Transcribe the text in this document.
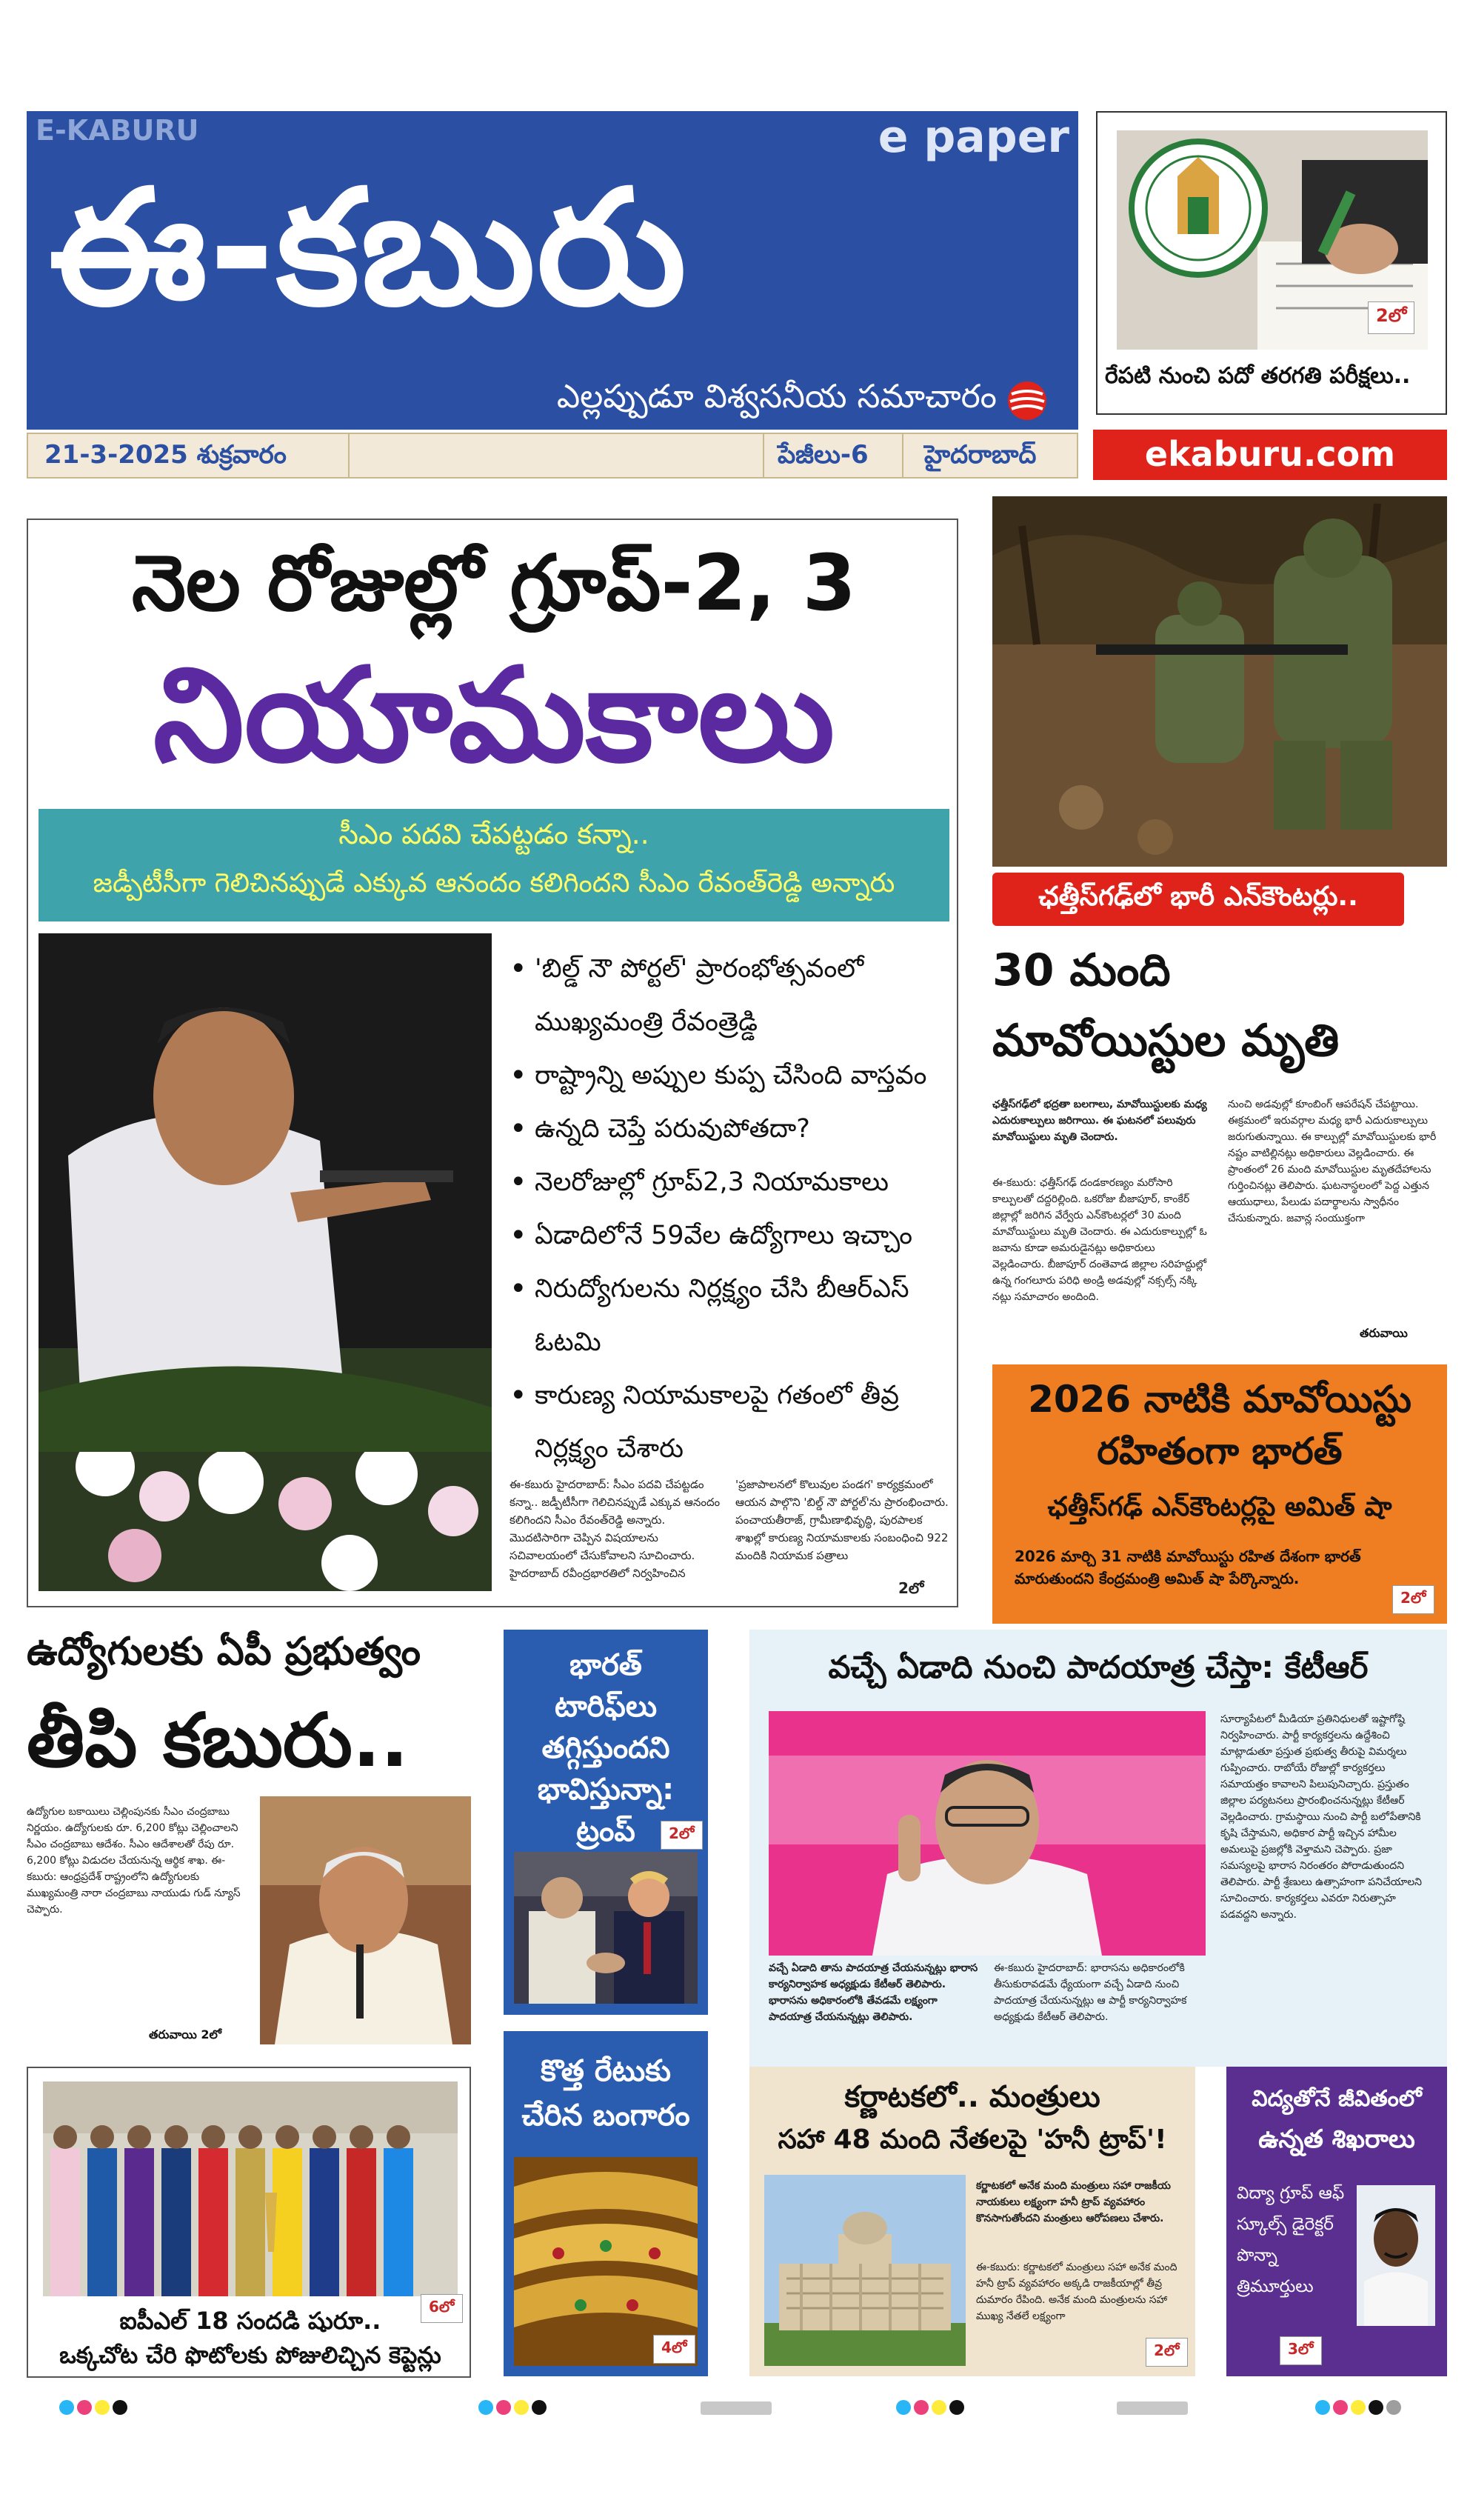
E-KABURU	e paper
ఈ-కబురు
ఎల్లప్పుడూ విశ్వసనీయ సమాచారం
21-3-2025 శుక్రవారం	పేజీలు-6 హైదరాబాద్	ekaburu.com
2లో
రేపటి నుంచి పదో తరగతి పరీక్షలు..
నెల రోజుల్లో గ్రూప్-2, 3
నియామకాలు
సీఎం పదవి చేపట్టడం కన్నా..
జడ్పీటీసీగా గెలిచినప్పుడే ఎక్కువ ఆనందం కలిగిందని సీఎం రేవంత్‌రెడ్డి అన్నారు
• 'బిల్డ్ నౌ పోర్టల్' ప్రారంభోత్సవంలో ముఖ్యమంత్రి రేవంత్రెడ్డి
• రాష్ట్రాన్ని అప్పుల కుప్ప చేసింది వాస్తవం
• ఉన్నది చెప్తే పరువుపోతదా?
• నెలరోజుల్లో గ్రూప్2,3 నియామకాలు
• ఏడాదిలోనే 59వేల ఉద్యోగాలు ఇచ్చాం
• నిరుద్యోగులను నిర్లక్ష్యం చేసి బీఆర్ఎస్ ఓటమి
• కారుణ్య నియామకాలపై గతంలో తీవ్ర నిర్లక్ష్యం చేశారు
ఈ-కబురు హైదరాబాద్: సీఎం పదవి చేపట్టడం కన్నా.. జడ్పీటీసీగా గెలిచినప్పుడే ఎక్కువ ఆనందం కలిగిందని సీఎం రేవంత్‌రెడ్డి అన్నారు. మొదటిసారిగా చెప్పిన విషయాలను సచివాలయంలో చేసుకోవాలని సూచించారు. హైదరాబాద్ రవీంద్రభారతిలో నిర్వహించిన
'ప్రజాపాలనలో కొలువుల పండగ' కార్యక్రమంలో ఆయన పాల్గొని 'బిల్డ్ నౌ పోర్టల్'ను ప్రారంభించారు. పంచాయతీరాజ్, గ్రామీణాభివృద్ధి, పురపాలక శాఖల్లో కారుణ్య నియామకాలకు సంబంధించి 922 మందికి నియామక పత్రాలు
2లో
ఛత్తీస్‌గఢ్‌లో భారీ ఎన్‌కౌంటర్లు..
30 మంది
మావోయిస్టుల మృతి
ఛత్తీస్‌గఢ్‌లో భద్రతా బలగాలు, మావోయిస్టులకు మధ్య ఎదురుకాల్పులు జరిగాయి. ఈ ఘటనలో పలువురు మావోయిస్టులు మృతి చెందారు.
ఈ-కబురు: ఛత్తీస్‌గఢ్ దండకారణ్యం మరోసారి కాల్పులతో దద్దరిల్లింది. ఒకరోజు బీజాపూర్, కాంకేర్ జిల్లాల్లో జరిగిన వేర్వేరు ఎన్‌కౌంటర్లలో 30 మంది మావోయిస్టులు మృతి చెందారు. ఈ ఎదురుకాల్పుల్లో ఓ జవాను కూడా అమరుడైనట్లు అధికారులు వెల్లడించారు. బీజాపూర్ దంతెవాడ జిల్లాల సరిహద్దుల్లో ఉన్న గంగలూరు పరిధి అండ్రి అడవుల్లో నక్సల్స్ నక్కి నట్లు సమాచారం అందింది.
నుంచి అడవుల్లో కూంబింగ్ ఆపరేషన్ చేపట్టాయి. ఈక్రమంలో ఇరువర్గాల మధ్య భారీ ఎదురుకాల్పులు జరుగుతున్నాయి. ఈ కాల్పుల్లో మావోయిస్టులకు భారీ నష్టం వాటిల్లినట్లు అధికారులు వెల్లడించారు. ఈ ప్రాంతంలో 26 మంది మావోయిస్టుల మృతదేహాలను గుర్తించినట్లు తెలిపారు. ఘటనాస్థలంలో పెద్ద ఎత్తున ఆయుధాలు, పేలుడు పదార్థాలను స్వాధీనం చేసుకున్నారు. జవాన్ల సంయుక్తంగా
తరువాయి
2026 నాటికి మావోయిస్టు
రహితంగా భారత్
ఛత్తీస్‌గఢ్ ఎన్‌కౌంటర్లపై అమిత్ షా
2026 మార్చి 31 నాటికి మావోయిస్టు రహిత దేశంగా భారత్ మారుతుందని కేంద్రమంత్రి అమిత్ షా పేర్కొన్నారు.
2లో
ఉద్యోగులకు ఏపీ ప్రభుత్వం
తీపి కబురు..
ఉద్యోగుల బకాయిలు చెల్లింపునకు సీఎం చంద్రబాబు నిర్ణయం. ఉద్యోగులకు రూ. 6,200 కోట్లు చెల్లించాలని సీఎం చంద్రబాబు ఆదేశం. సీఎం ఆదేశాలతో రేపు రూ. 6,200 కోట్లు విడుదల చేయనున్న ఆర్థిక శాఖ. ఈ-కబురు: ఆంధ్రప్రదేశ్ రాష్ట్రంలోని ఉద్యోగులకు ముఖ్యమంత్రి నారా చంద్రబాబు నాయుడు గుడ్ న్యూస్ చెప్పారు.
తరువాయి 2లో
భారత్ టారిఫ్‌లు తగ్గిస్తుందని భావిస్తున్నా: ట్రంప్	2లో
కొత్త రేటుకు చేరిన బంగారం
4లో
వచ్చే ఏడాది నుంచి పాదయాత్ర చేస్తా: కేటీఆర్
వచ్చే ఏడాది తాను పాదయాత్ర చేయనున్నట్లు భారాస కార్యనిర్వాహక అధ్యక్షుడు కేటీఆర్ తెలిపారు. భారాసను అధికారంలోకి తేవడమే లక్ష్యంగా పాదయాత్ర చేయనున్నట్లు తెలిపారు.
ఈ-కబురు హైదరాబాద్: భారాసను అధికారంలోకి తీసుకురావడమే ధ్యేయంగా వచ్చే ఏడాది నుంచి పాదయాత్ర చేయనున్నట్లు ఆ పార్టీ కార్యనిర్వాహక అధ్యక్షుడు కేటీఆర్ తెలిపారు.
సూర్యాపేటలో మీడియా ప్రతినిధులతో ఇష్టాగోష్ఠి నిర్వహించారు. పార్టీ కార్యకర్తలను ఉద్దేశించి మాట్లాడుతూ ప్రస్తుత ప్రభుత్వ తీరుపై విమర్శలు గుప్పించారు. రాబోయే రోజుల్లో కార్యకర్తలు సమాయత్తం కావాలని పిలుపునిచ్చారు. ప్రస్తుతం జిల్లాల పర్యటనలు ప్రారంభించనున్నట్లు కేటీఆర్ వెల్లడించారు. గ్రామస్థాయి నుంచి పార్టీ బలోపేతానికి కృషి చేస్తామని, అధికార పార్టీ ఇచ్చిన హామీల అమలుపై ప్రజల్లోకి వెళ్తామని చెప్పారు. ప్రజా సమస్యలపై భారాస నిరంతరం పోరాడుతుందని తెలిపారు. పార్టీ శ్రేణులు ఉత్సాహంగా పనిచేయాలని సూచించారు. కార్యకర్తలు ఎవరూ నిరుత్సాహ పడవద్దని అన్నారు.
ఐపీఎల్ 18 సందడి షురూ..
ఒక్కచోట చేరి ఫొటోలకు పోజులిచ్చిన కెప్టెన్లు
6లో
కర్ణాటకలో.. మంత్రులు
సహా 48 మంది నేతలపై 'హనీ ట్రాప్'!
కర్ణాటకలో అనేక మంది మంత్రులు సహా రాజకీయ నాయకులు లక్ష్యంగా హనీ ట్రాప్ వ్యవహారం కొనసాగుతోందని మంత్రులు ఆరోపణలు చేశారు.
ఈ-కబురు: కర్ణాటకలో మంత్రులు సహా అనేక మంది హనీ ట్రాప్ వ్యవహారం అక్కడి రాజకీయాల్లో తీవ్ర దుమారం రేపింది. అనేక మంది మంత్రులను సహా ముఖ్య నేతలే లక్ష్యంగా
2లో
విద్యతోనే జీవితంలో
ఉన్నత శిఖరాలు
విద్యా గ్రూప్ ఆఫ్ స్కూల్స్ డైరెక్టర్ పొన్నా త్రిమూర్తులు
3లో
